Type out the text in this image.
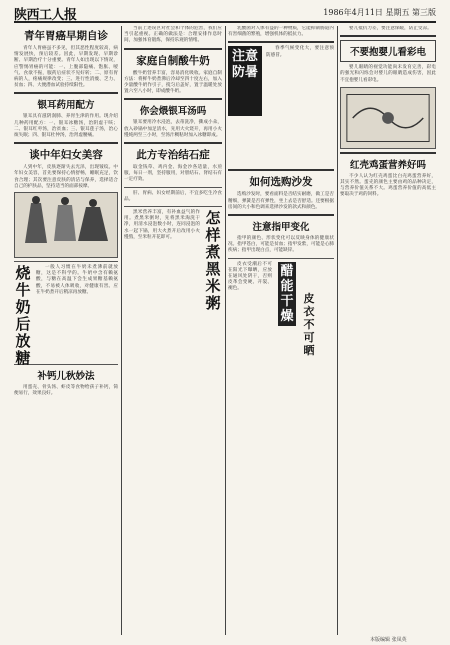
陕西工人报	1986年4月11日 星期五 第三版
青年胃癌早期自诊

青年人胃癌虽不多见，但其恶性程度较高，病情发展快，预后较差。因此，早期发现、早期诊断、早期治疗十分重要。青年人如出现以下情况，应警惕胃癌的可能：一、上腹部隐痛、饱胀、嗳气、食欲不振，服药后症状不见好转；二、原有胃病的人，疼痛规律改变；三、进行性消瘦、乏力、贫血；四、大便潜血试验持续阳性。

银耳药用配方

银耳具有滋阴润肺、养胃生津的作用。现介绍几种药用配方：一、银耳冰糖汤，治阴虚干咳；二、银耳红枣汤，治贫血；三、银耳莲子汤，治心烦失眠；四、银耳杜仲汤，治肾虚腰痛。

谈中年妇女美容

人到中年，皮肤逐渐失去光泽，出现皱纹。中年妇女美容，首先要保持心情舒畅，睡眠充足，饮食合理；其次要注意皮肤的清洁与保养，选择适合自己的护肤品，坚持适当的面部按摩。

烧牛奶后放糖

一般人习惯在牛奶未煮沸前就放糖，这是不科学的。牛奶中含有赖氨酸，与糖在高温下会生成果糖基赖氨酸，不易被人体吸收，对健康有害。应在牛奶煮开后稍凉再放糖。

补钙儿秋妙法

用蛋壳、骨头汤、虾皮等食物给孩子补钙，简便易行，效果良好。

当前上述误区对社会和个体的危害，我们应当引起重视。正确的做法是：合理安排作息时间，加强体育锻炼，保持乐观的情绪。

家庭自制酸牛奶

酸牛奶营养丰富，容易消化吸收。家庭自制方法：将鲜牛奶煮沸后冷却至四十度左右，加入少量酸牛奶作引子，搅匀后盖好，置于温暖处放置六至八小时，即成酸牛奶。

你会煨银耳汤吗

银耳要用冷水浸泡，去蒂洗净，撕成小朵，放入砂锅中加足清水，先用大火烧开，再用小火慢炖两至三小时，至汤汁稠粘时加入冰糖即成。

此方专治结石症

取金钱草、鸡内金、海金沙各适量，水煎服，每日一剂，坚持服用，对胆结石、肾结石有一定疗效。

肝、胃病、妇女经期前后，不宜多吃生冷食品。

黑米营养丰富，有补血益气的作用。煮黑米粥时，先将黑米淘洗干净，用清水浸泡数小时，连同浸泡的水一起下锅，用大火煮开后改用小火慢熬，至米粒开花即可。

怎样煮黑米粥

乳酸菌对人体有益的一种物质，它能抑制肠道内有害细菌的繁殖，增强机体的抵抗力。

注意防暑

春季气候变化大，要注意预防感冒。

如何选购沙发

选购沙发时，要看面料是否结实耐磨，做工是否精细，弹簧是否有弹性，坐上去是否舒适。还要根据房间的大小和色调来选择沙发的款式和颜色。

注意指甲变化

指甲的颜色、形状变化可以反映身体的健康状况。指甲苍白，可能是贫血；指甲发紫，可能是心肺疾病；指甲出现白点，可能缺锌。

醋能干燥
皮衣不可晒

皮衣受潮后不可在阳光下曝晒，应放在通风处阴干，否则皮革会变硬、开裂、褪色。

婴儿抵抗力差，要注意保暖，防止受凉。

不要抱婴儿看彩电

婴儿眼睛的视觉功能尚未发育完善，彩电的强光和闪烁会对婴儿的眼睛造成伤害，因此不宜抱婴儿看彩电。

红壳鸡蛋营养好吗

不少人认为红壳鸡蛋比白壳鸡蛋营养好，其实不然。蛋壳的颜色主要由鸡的品种决定，与营养价值关系不大。鸡蛋营养价值的高低主要取决于鸡的饲料。

本版编辑 张凤英
